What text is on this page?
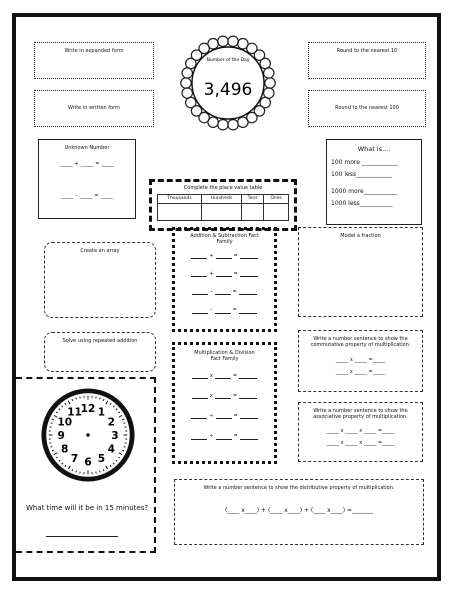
Write in expanded form
Write in written form
Number of the Day
3,496
Round to the nearest 10
Round to the nearest 100
Unknown Number
_____ + _____ = _____
_____ – _____ = _____
Complete the place value table
Thousands	Hundreds	Tens	Ones

What is....
100 more ____________
100 less____________
1000 more___________
1000 less___________
Create an array
Addition & Subtraction Fact Family
+	=
+	=
–	=
–	=
Model a fraction
Solve using repeated addition
Multiplication & Division Fact Family
x	=
x	=
÷	=
÷	=
Write a number sentence to show the commutative property of multiplication.
_____ x _____ =_____
_____ x _____ =_____
Write a number sentence to show the associative property of multiplication.
_____ x _____ x _____ =_____
_____ x _____ x _____ =_____
12 1
2
3
4
5
6
7
8
9
10
11
What time will it be in 15 minutes?
Write a number sentence to show the distributive property of multiplication.
(____ x____) + (____ x____) + (____ x____) =_______
